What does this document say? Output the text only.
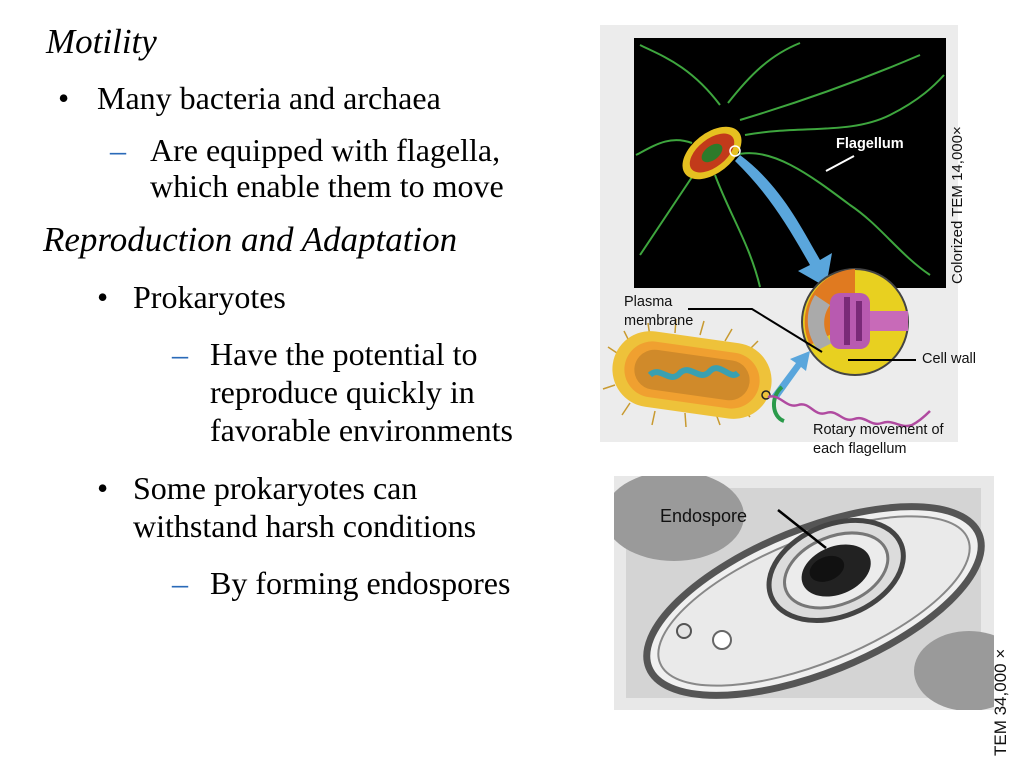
Motility
• Many bacteria and archaea
– Are equipped with flagella,
which enable them to move
Reproduction and Adaptation
• Prokaryotes
– Have the potential to
reproduce quickly in
favorable environments
• Some prokaryotes can
withstand harsh conditions
– By forming endospores
Flagellum
Plasma
membrane
Cell wall
Rotary movement of
each flagellum
Colorized TEM 14,000×
Endospore
TEM 34,000 ×
